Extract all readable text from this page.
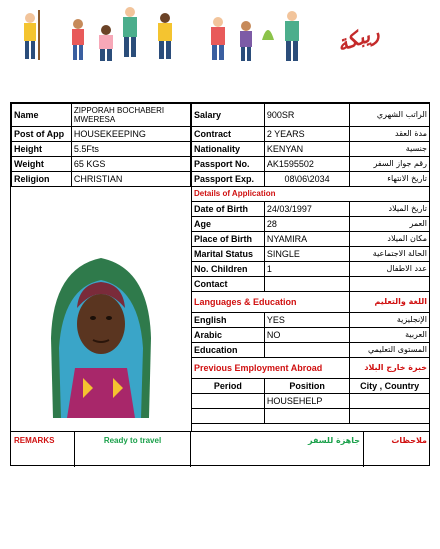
ريبكة
Name	ZIPPORAH BOCHABERI MWERESA
Post of App	HOUSEKEEPING
Height	5.5Fts
Weight	65 KGS
Religion	CHRISTIAN
Salary	900SR	الراتب الشهري
Contract	2 YEARS	مدة العقد
Nationality	KENYAN	جنسية
Passport No.	AK1595502	رقم جواز السفر
Passport Exp.	08\06\2034	تاريخ الانتهاء
Details of Application		
Date of Birth	24/03/1997	تاريخ الميلاد
Age	28	العمر
Place of Birth	NYAMIRA	مكان الميلاد
Marital Status	SINGLE	الحالة الاجتماعية
No. Children	1	عدد الاطفال
Contact		
Languages & Education		اللغة والتعليم
English	YES	الإنجليزية
Arabic	NO	العربية
Education		المستوى التعليمي
Previous Employment Abroad		خبرة خارج البلاد
Period	Position	City , Country
	HOUSEHELP	

REMARKS	Ready to travel	جاهزة للسفر	ملاحظات
